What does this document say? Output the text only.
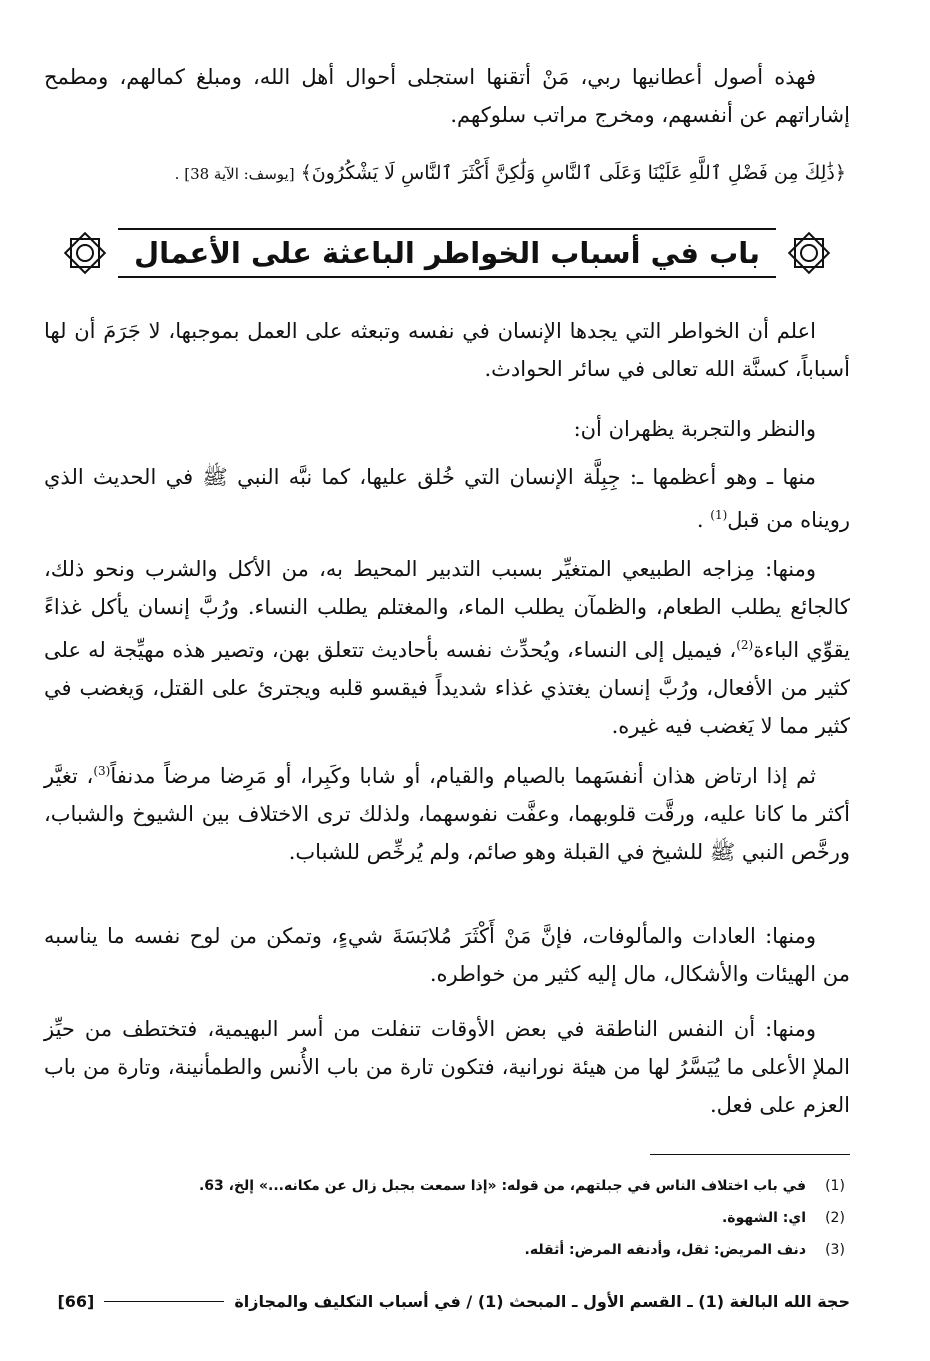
فهذه أصول أعطانيها ربي، مَنْ أتقنها استجلى أحوال أهل الله، ومبلغ كمالهم، ومطمح إشاراتهم عن أنفسهم، ومخرج مراتب سلوكهم.

﴿ذَٰلِكَ مِن فَضْلِ ٱللَّهِ عَلَيْنَا وَعَلَى ٱلنَّاسِ وَلَٰكِنَّ أَكْثَرَ ٱلنَّاسِ لَا يَشْكُرُونَ﴾ [يوسف: الآية 38] .

باب في أسباب الخواطر الباعثة على الأعمال

اعلم أن الخواطر التي يجدها الإنسان في نفسه وتبعثه على العمل بموجبها، لا جَرَمَ أن لها أسباباً، كسنَّة الله تعالى في سائر الحوادث.

والنظر والتجربة يظهران أن:

منها ـ وهو أعظمها ـ: جِبِلَّة الإنسان التي خُلق عليها، كما نبَّه النبي ﷺ في الحديث الذي رويناه من قبل$^{(1)}$ .

ومنها: مِزاجه الطبيعي المتغيِّر بسبب التدبير المحيط به، من الأكل والشرب ونحو ذلك، كالجائع يطلب الطعام، والظمآن يطلب الماء، والمغتلم يطلب النساء. ورُبَّ إنسان يأكل غذاءً يقوِّي الباءة$^{(2)}$، فيميل إلى النساء، ويُحدِّث نفسه بأحاديث تتعلق بهن، وتصير هذه مهيِّجة له على كثير من الأفعال، ورُبَّ إنسان يغتذي غذاء شديداً فيقسو قلبه ويجترئ على القتل، وَيغضب في كثير مما لا يَغضب فيه غيره.

ثم إذا ارتاض هذان أنفسَهما بالصيام والقيام، أو شابا وكَبِرا، أو مَرِضا مرضاً مدنفاً$^{(3)}$، تغيَّر أكثر ما كانا عليه، ورقَّت قلوبهما، وعفَّت نفوسهما، ولذلك ترى الاختلاف بين الشيوخ والشباب، ورخَّص النبي ﷺ للشيخ في القبلة وهو صائم، ولم يُرخِّص للشباب.

ومنها: العادات والمألوفات، فإنَّ مَنْ أَكْثَرَ مُلابَسَةَ شيءٍ، وتمكن من لوح نفسه ما يناسبه من الهيئات والأشكال، مال إليه كثير من خواطره.

ومنها: أن النفس الناطقة في بعض الأوقات تنفلت من أسر البهيمية، فتختطف من حيِّز الملإ الأعلى ما يُيَسَّرُ لها من هيئة نورانية، فتكون تارة من باب الأُنس والطمأنينة، وتارة من باب العزم على فعل.

(1)
في باب اختلاف الناس في جبلتهم، من قوله: «إذا سمعت بجبل زال عن مكانه...» إلخ، 63.
(2)
اي: الشهوة.
(3)
دنف المريض: ثقل، وأدنفه المرض: أثقله.
حجة الله البالغة (1) ـ القسم الأول ـ المبحث (1) / في أسباب التكليف والمجازاة
[66]
